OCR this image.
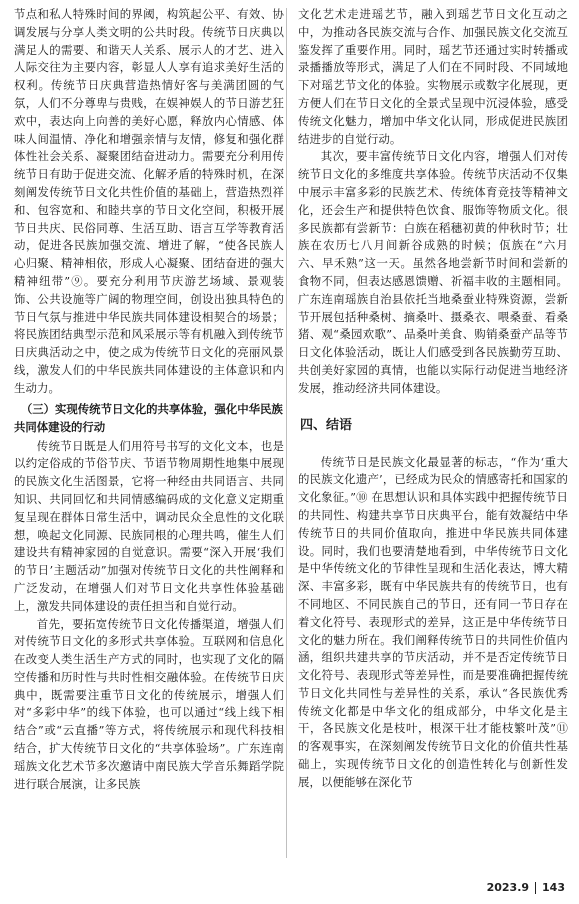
节点和私人特殊时间的界阈，构筑起公平、有效、协调发展与分享人类文明的公共时段。传统节日庆典以满足人的需要、和谐天人关系、展示人的才艺、进入人际交往为主要内容，彰显人人享有追求美好生活的权利。传统节日庆典营造热情好客与美满团圆的气氛，人们不分尊卑与贵贱，在娱神娱人的节日游艺狂欢中，表达向上向善的美好心愿，释放内心情感、体味人间温情、净化和增强亲情与友情，修复和强化群体性社会关系、凝聚团结奋进动力。需要充分利用传统节日有助于促进交流、化解矛盾的特殊时机，在深刻阐发传统节日文化共性价值的基础上，营造热烈祥和、包容宽和、和睦共享的节日文化空间，积极开展节日共庆、民俗同尊、生活互助、语言互学等教育活动，促进各民族加强交流、增进了解，“使各民族人心归聚、精神相依，形成人心凝聚、团结奋进的强大精神纽带”⑨。要充分利用节庆游艺场域、景观装饰、公共设施等广阔的物理空间，创设出独具特色的节日气氛与推进中华民族共同体建设相契合的场景；将民族团结典型示范和风采展示等有机融入到传统节日庆典活动之中，使之成为传统节日文化的亮丽风景线，激发人们的中华民族共同体建设的主体意识和内生动力。

（三）实现传统节日文化的共享体验，强化中华民族共同体建设的行动

传统节日既是人们用符号书写的文化文本，也是以约定俗成的节俗节庆、节语节物周期性地集中展现的民族文化生活图景，它将一种经由共同语言、共同知识、共同回忆和共同情感编码成的文化意义定期重复呈现在群体日常生活中，调动民众全息性的文化联想，唤起文化同源、民族同根的心理共鸣，催生人们建设共有精神家园的自觉意识。需要“深入开展‘我们的节日’主题活动”加强对传统节日文化的共性阐释和广泛发动，在增强人们对节日文化共享性体验基础上，激发共同体建设的责任担当和自觉行动。

首先，要拓宽传统节日文化传播渠道，增强人们对传统节日文化的多形式共享体验。互联网和信息化在改变人类生活生产方式的同时，也实现了文化的隔空传播和历时性与共时性相交融体验。在传统节日庆典中，既需要注重节日文化的传统展示，增强人们对“多彩中华”的线下体验，也可以通过“线上线下相结合”或“云直播”等方式，将传统展示和现代科技相结合，扩大传统节日文化的“共享体验场”。广东连南瑶族文化艺术节多次邀请中南民族大学音乐舞蹈学院进行联合展演，让多民族

文化艺术走进瑶艺节，融入到瑶艺节日文化互动之中，为推动各民族交流与合作、加强民族文化交流互鉴发挥了重要作用。同时，瑶艺节还通过实时转播或录播播放等形式，满足了人们在不同时段、不同域地下对瑶艺节文化的体验。实物展示或数字化展现，更方便人们在节日文化的全景式呈现中沉浸体验，感受传统文化魅力，增加中华文化认同，形成促进民族团结进步的自觉行动。

其次，要丰富传统节日文化内容，增强人们对传统节日文化的多维度共享体验。传统节庆活动不仅集中展示丰富多彩的民族艺术、传统体育竞技等精神文化，还会生产和提供特色饮食、服饰等物质文化。很多民族都有尝新节：白族在稻穗初黄的仲秋时节；壮族在农历七八月间新谷成熟的时候；佤族在“六月六、早禾熟”这一天。虽然各地尝新节时间和尝新的食物不同，但表达感恩馈赠、祈福丰收的主题相同。广东连南瑶族自治县依托当地桑蚕业特殊资源，尝新节开展包括种桑树、摘桑叶、摄桑衣、喂桑蚕、看桑猪、观“桑园欢歌”、品桑叶美食、购销桑蚕产品等节日文化体验活动，既让人们感受到各民族勤劳互助、共创美好家园的真情，也能以实际行动促进当地经济发展，推动经济共同体建设。

四、结语

传统节日是民族文化最显著的标志，“作为‘重大的民族文化遗产’，已经成为民众的情感寄托和国家的文化象征。”⑩ 在思想认识和具体实践中把握传统节日的共同性、构建共享节日庆典平台，能有效凝结中华传统节日的共同价值取向，推进中华民族共同体建设。同时，我们也要清楚地看到，中华传统节日文化是中华传统文化的节律性呈现和生活化表达，博大精深、丰富多彩，既有中华民族共有的传统节日，也有不同地区、不同民族自己的节日，还有同一节日存在着文化符号、表现形式的差异，这正是中华传统节日文化的魅力所在。我们阐释传统节日的共同性价值内涵，组织共建共享的节庆活动，并不是否定传统节日文化符号、表现形式等差异性，而是要准确把握传统节日文化共同性与差异性的关系，承认“各民族优秀传统文化都是中华文化的组成部分，中华文化是主干，各民族文化是枝叶，根深干壮才能枝繁叶茂”⑪ 的客观事实，在深刻阐发传统节日文化的价值共性基础上，实现传统节日文化的创造性转化与创新性发展，以便能够在深化节

2023.9 143
